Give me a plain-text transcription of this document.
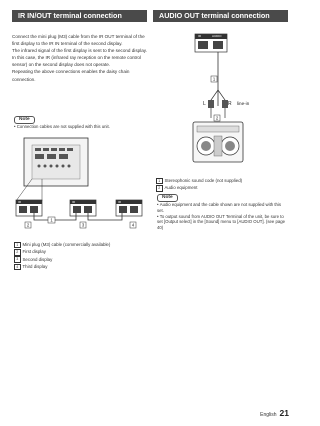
IR IN/OUT terminal connection
Connect the mini plug (M3) cable from the IR OUT terminal of the first display to the IR IN terminal of the second display.
The infrared signal of the first display is sent to the second display.
In this case, the IR (infrared ray reception on the remote control sensor) on the second display does not operate.
Repeating the above connections enables the daisy chain connection.
Note
• Connection cables are not supplied with this unit.
1
2	3	4
IR	IR	IR
1 Mini plug (M3) cable (commercially available)
2 First display
3 Second display
4 Third display
AUDIO OUT terminal connection
1
2
IR	AUDIO
L	R line-in
1 Stereophonic sound code (not supplied)
2 Audio equipment
Note
• Audio equipment and the cable shown are not supplied with this set.
• To output sound from AUDIO OUT Terminal of the unit, be sure to set [Output select] in the [Sound] menu to [AUDIO OUT]. (see page 40)
English 21
